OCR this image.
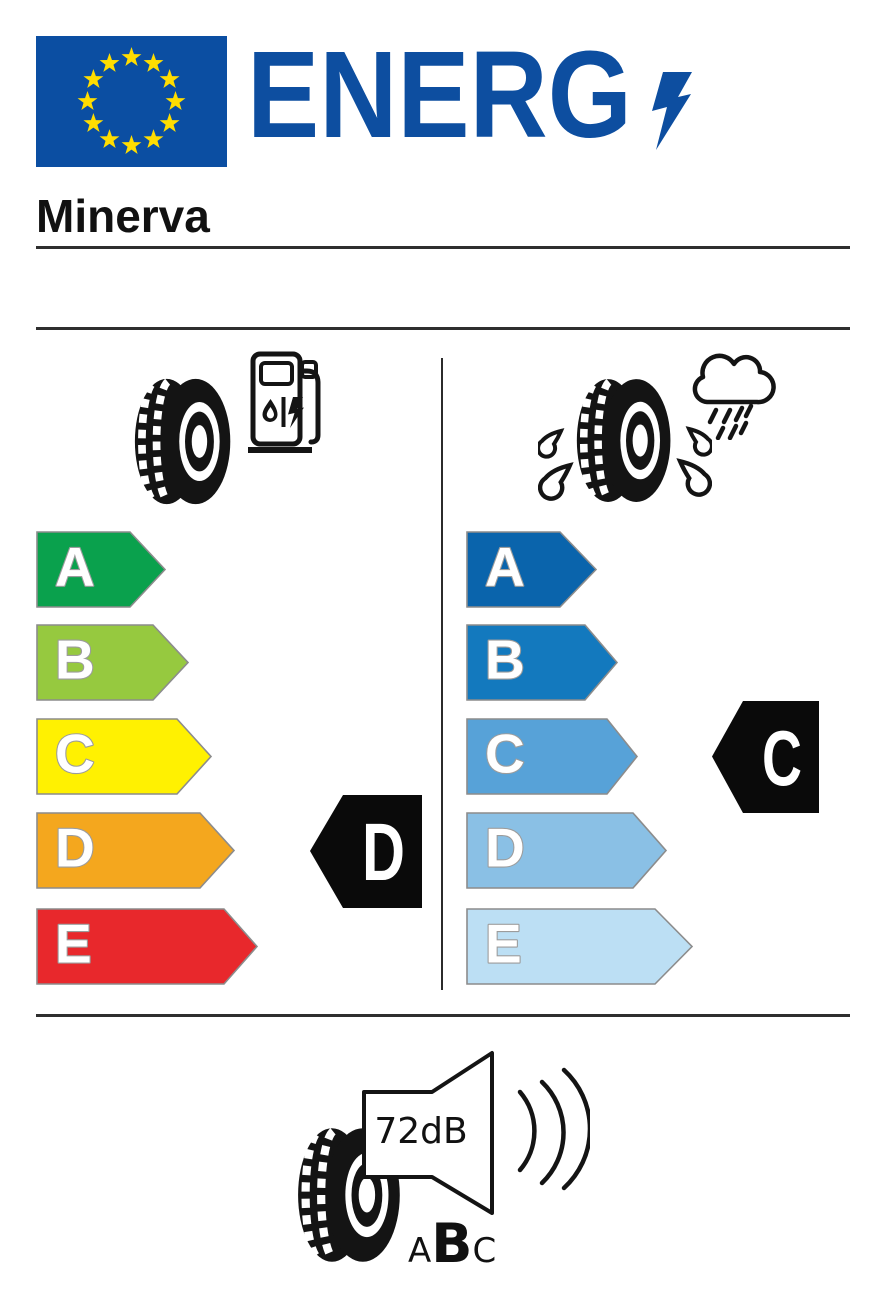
ENERG
Minerva
A
B
C
D
E
D
A
B
C
D
E
C
72dB
ABC
